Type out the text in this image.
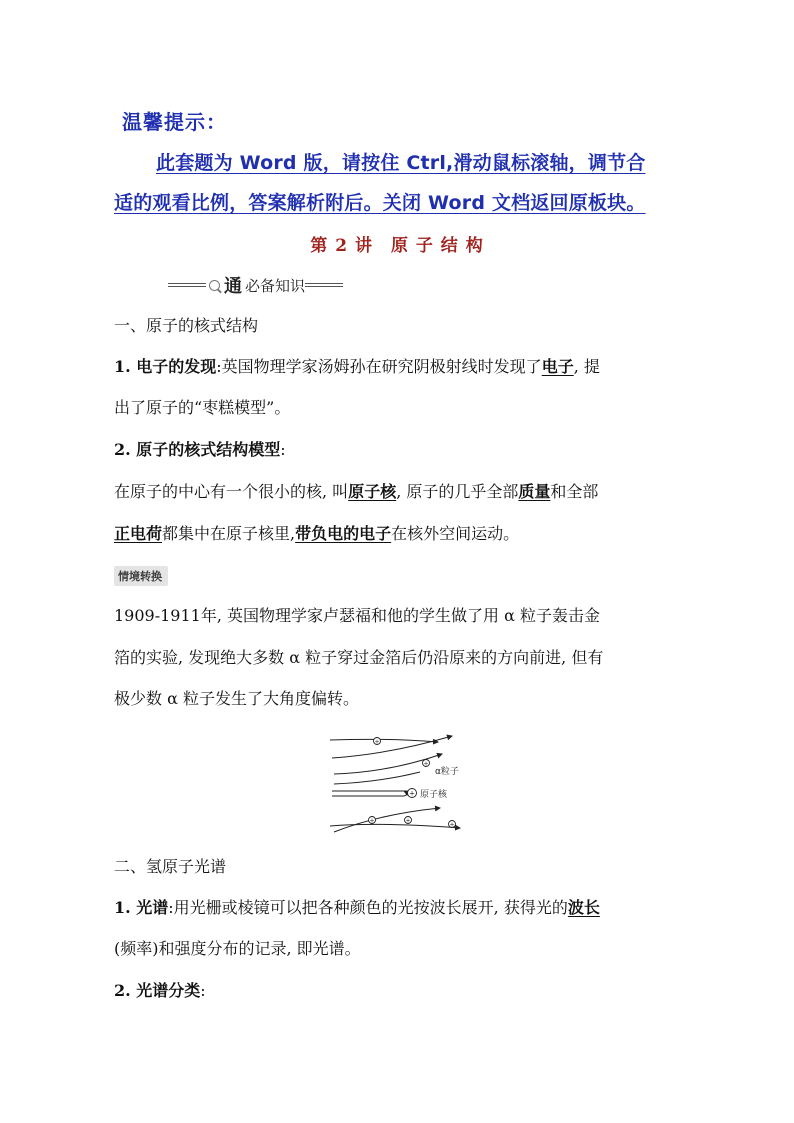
温馨提示：
此套题为 Word 版，请按住 Ctrl,滑动鼠标滚轴，调节合
适的观看比例，答案解析附后。关闭 Word 文档返回原板块。
第 2 讲　原 子 结 构
通 必备知识
一、原子的核式结构
1. 电子的发现:英国物理学家汤姆孙在研究阴极射线时发现了电子, 提
出了原子的“枣糕模型”。
2. 原子的核式结构模型:
在原子的中心有一个很小的核, 叫原子核, 原子的几乎全部质量和全部
正电荷都集中在原子核里,带负电的电子在核外空间运动。
情境转换
1909-1911年, 英国物理学家卢瑟福和他的学生做了用 α 粒子轰击金
箔的实验, 发现绝大多数 α 粒子穿过金箔后仍沿原来的方向前进, 但有
极少数 α 粒子发生了大角度偏转。
+
+
+	+
+
+
α粒子
原子核
二、氢原子光谱
1. 光谱:用光栅或棱镜可以把各种颜色的光按波长展开, 获得光的波长
(频率)和强度分布的记录, 即光谱。
2. 光谱分类:
